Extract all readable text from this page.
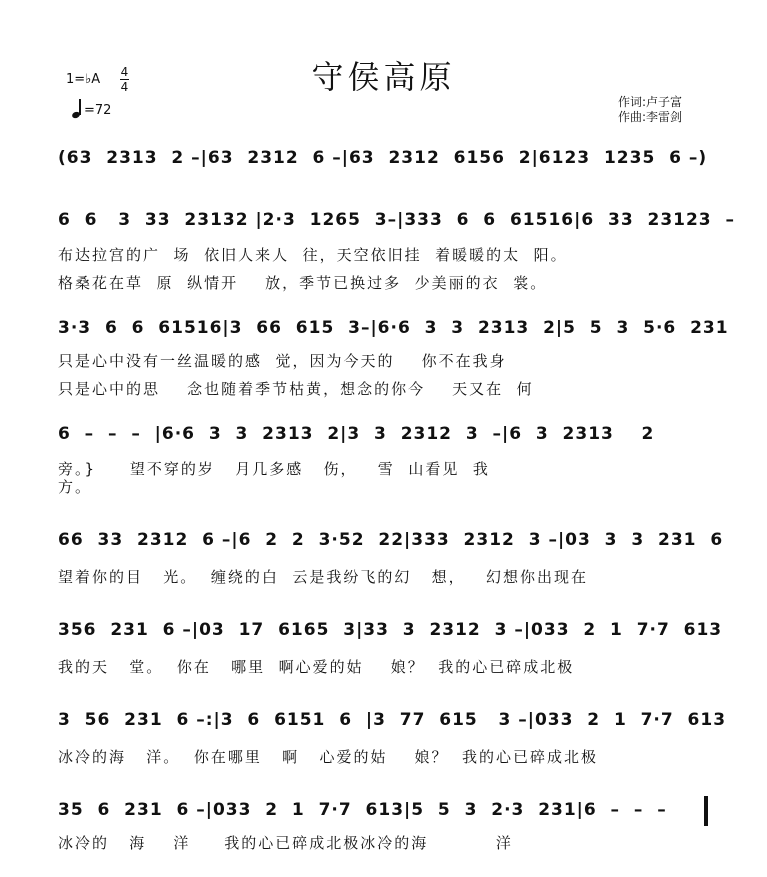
1=♭A 4
4
=72
守侯高原
作词:卢子富
作曲:李雷剑
(63  2313  2 –|63  2312  6 –|63  2312  6156  2|6123  1235  6 –)
6  6   3  33  23132 |2·3  1265  3–|333  6  6  61516|6  33  23123  –
布达拉宫的广  场  依旧人来人  往，天空依旧挂  着暖暖的太  阳。
格桑花在草  原  纵情开    放，季节已换过多  少美丽的衣  裳。
3·3  6  6  61516|3  66  615  3–|6·6  3  3  2313  2|5  5  3  5·6  231
只是心中没有一丝温暖的感  觉，因为今天的    你不在我身
只是心中的思    念也随着季节枯黄，想念的你今    天又在  何
6  –  –  –  |6·6  3  3  2313  2|3  3  2312  3  –|6  3  2313    2
旁。}     望不穿的岁   月几多感   伤，   雪  山看见  我
方。
66  33  2312  6 –|6  2  2  3·52  22|333  2312  3 –|03  3  3  231  6
望着你的目   光。  缠绕的白  云是我纷飞的幻   想，   幻想你出现在
356  231  6 –|03  17  6165  3|33  3  2312  3 –|033  2  1  7·7  613
我的天   堂。  你在   哪里  啊心爱的姑    娘？  我的心已碎成北极
3  56  231  6 –:|3  6  6151  6  |3  77  615   3 –|033  2  1  7·7  613
冰冷的海   洋。  你在哪里   啊   心爱的姑    娘？  我的心已碎成北极
35  6  231  6 –|033  2  1  7·7  613|5  5  3  2·3  231|6  –  –  –
冰冷的   海    洋     我的心已碎成北极冰冷的海          洋
